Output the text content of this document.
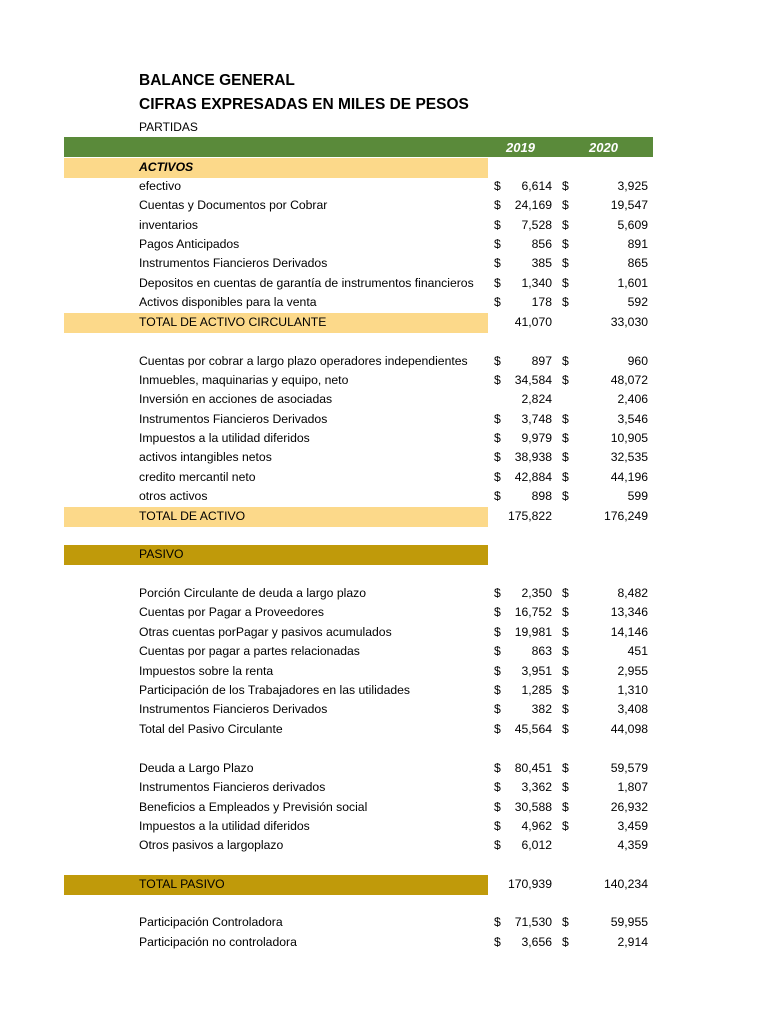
BALANCE GENERAL
CIFRAS EXPRESADAS EN MILES DE PESOS
PARTIDAS
2019	2020
ACTIVOS
PASIVO
efectivo	$	6,614 $	3,925
Cuentas y Documentos por Cobrar	$	24,169 $	19,547
inventarios	$	7,528 $	5,609
Pagos Anticipados	$	856 $	891
Instrumentos Fiancieros Derivados	$	385 $	865
Depositos en cuentas de garantía de instrumentos financieros $	1,340 $	1,601
Activos disponibles para la venta	$	178 $	592
TOTAL DE ACTIVO CIRCULANTE	41,070	33,030
Cuentas por cobrar a largo plazo operadores independientes $	897 $	960
Inmuebles, maquinarias y equipo, neto	$	34,584 $	48,072
Inversión en acciones de asociadas	2,824	2,406
Instrumentos Fiancieros Derivados	$	3,748 $	3,546
Impuestos a la utilidad diferidos	$	9,979 $	10,905
activos intangibles netos	$	38,938 $	32,535
credito mercantil neto	$	42,884 $	44,196
otros activos	$	898 $	599
TOTAL DE ACTIVO	175,822	176,249
Porción Circulante de deuda a largo plazo	$	2,350 $	8,482
Cuentas por Pagar a Proveedores	$	16,752 $	13,346
Otras cuentas porPagar y pasivos acumulados	$	19,981 $	14,146
Cuentas por pagar a partes relacionadas	$	863 $	451
Impuestos sobre la renta	$	3,951 $	2,955
Participación de los Trabajadores en las utilidades	$	1,285 $	1,310
Instrumentos Fiancieros Derivados	$	382 $	3,408
Total del Pasivo Circulante	$	45,564 $	44,098
Deuda a Largo Plazo	$	80,451 $	59,579
Instrumentos Fiancieros derivados	$	3,362 $	1,807
Beneficios a Empleados y Previsión social	$	30,588 $	26,932
Impuestos a la utilidad diferidos	$	4,962 $	3,459
Otros pasivos a largoplazo	$	6,012	4,359
TOTAL PASIVO	170,939	140,234
Participación Controladora	$	71,530 $	59,955
Participación no controladora	$	3,656 $	2,914
